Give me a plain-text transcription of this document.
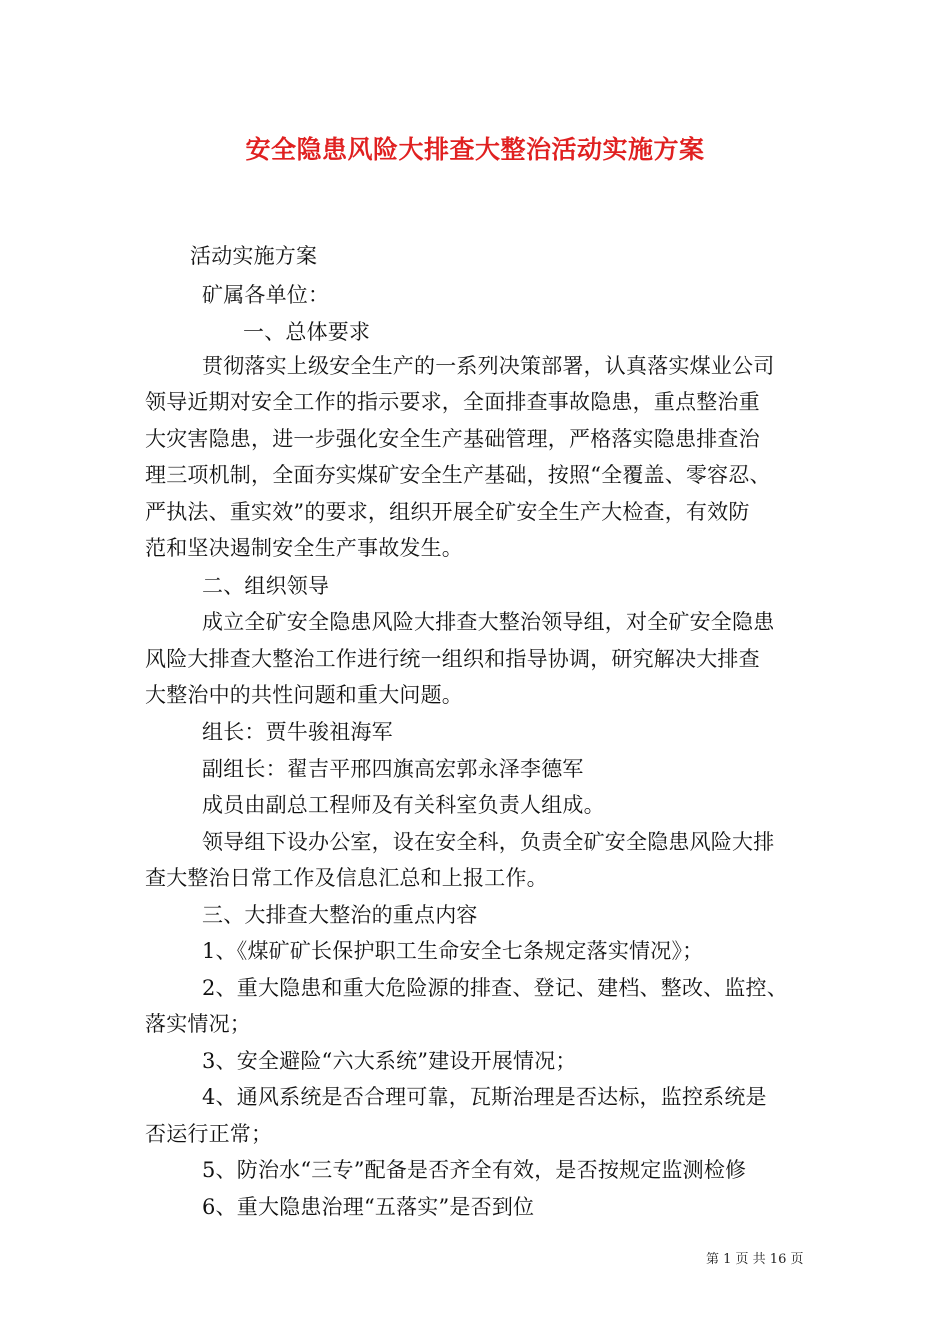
安全隐患风险大排查大整治活动实施方案
活动实施方案
矿属各单位：
一、总体要求
贯彻落实上级安全生产的一系列决策部署，认真落实煤业公司
领导近期对安全工作的指示要求，全面排查事故隐患，重点整治重
大灾害隐患，进一步强化安全生产基础管理，严格落实隐患排查治
理三项机制，全面夯实煤矿安全生产基础，按照“全覆盖、零容忍、
严执法、重实效”的要求，组织开展全矿安全生产大检查，有效防
范和坚决遏制安全生产事故发生。
二、组织领导
成立全矿安全隐患风险大排查大整治领导组，对全矿安全隐患
风险大排查大整治工作进行统一组织和指导协调，研究解决大排查
大整治中的共性问题和重大问题。
组长：贾牛骏祖海军
副组长：翟吉平邢四旗高宏郭永泽李德军
成员由副总工程师及有关科室负责人组成。
领导组下设办公室，设在安全科，负责全矿安全隐患风险大排
查大整治日常工作及信息汇总和上报工作。
三、大排查大整治的重点内容
1、《煤矿矿长保护职工生命安全七条规定落实情况》；
2、重大隐患和重大危险源的排查、登记、建档、整改、监控、
落实情况；
3、安全避险“六大系统”建设开展情况；
4、通风系统是否合理可靠，瓦斯治理是否达标，监控系统是
否运行正常；
5、防治水“三专”配备是否齐全有效，是否按规定监测检修
6、重大隐患治理“五落实”是否到位
第 1 页 共 16 页
